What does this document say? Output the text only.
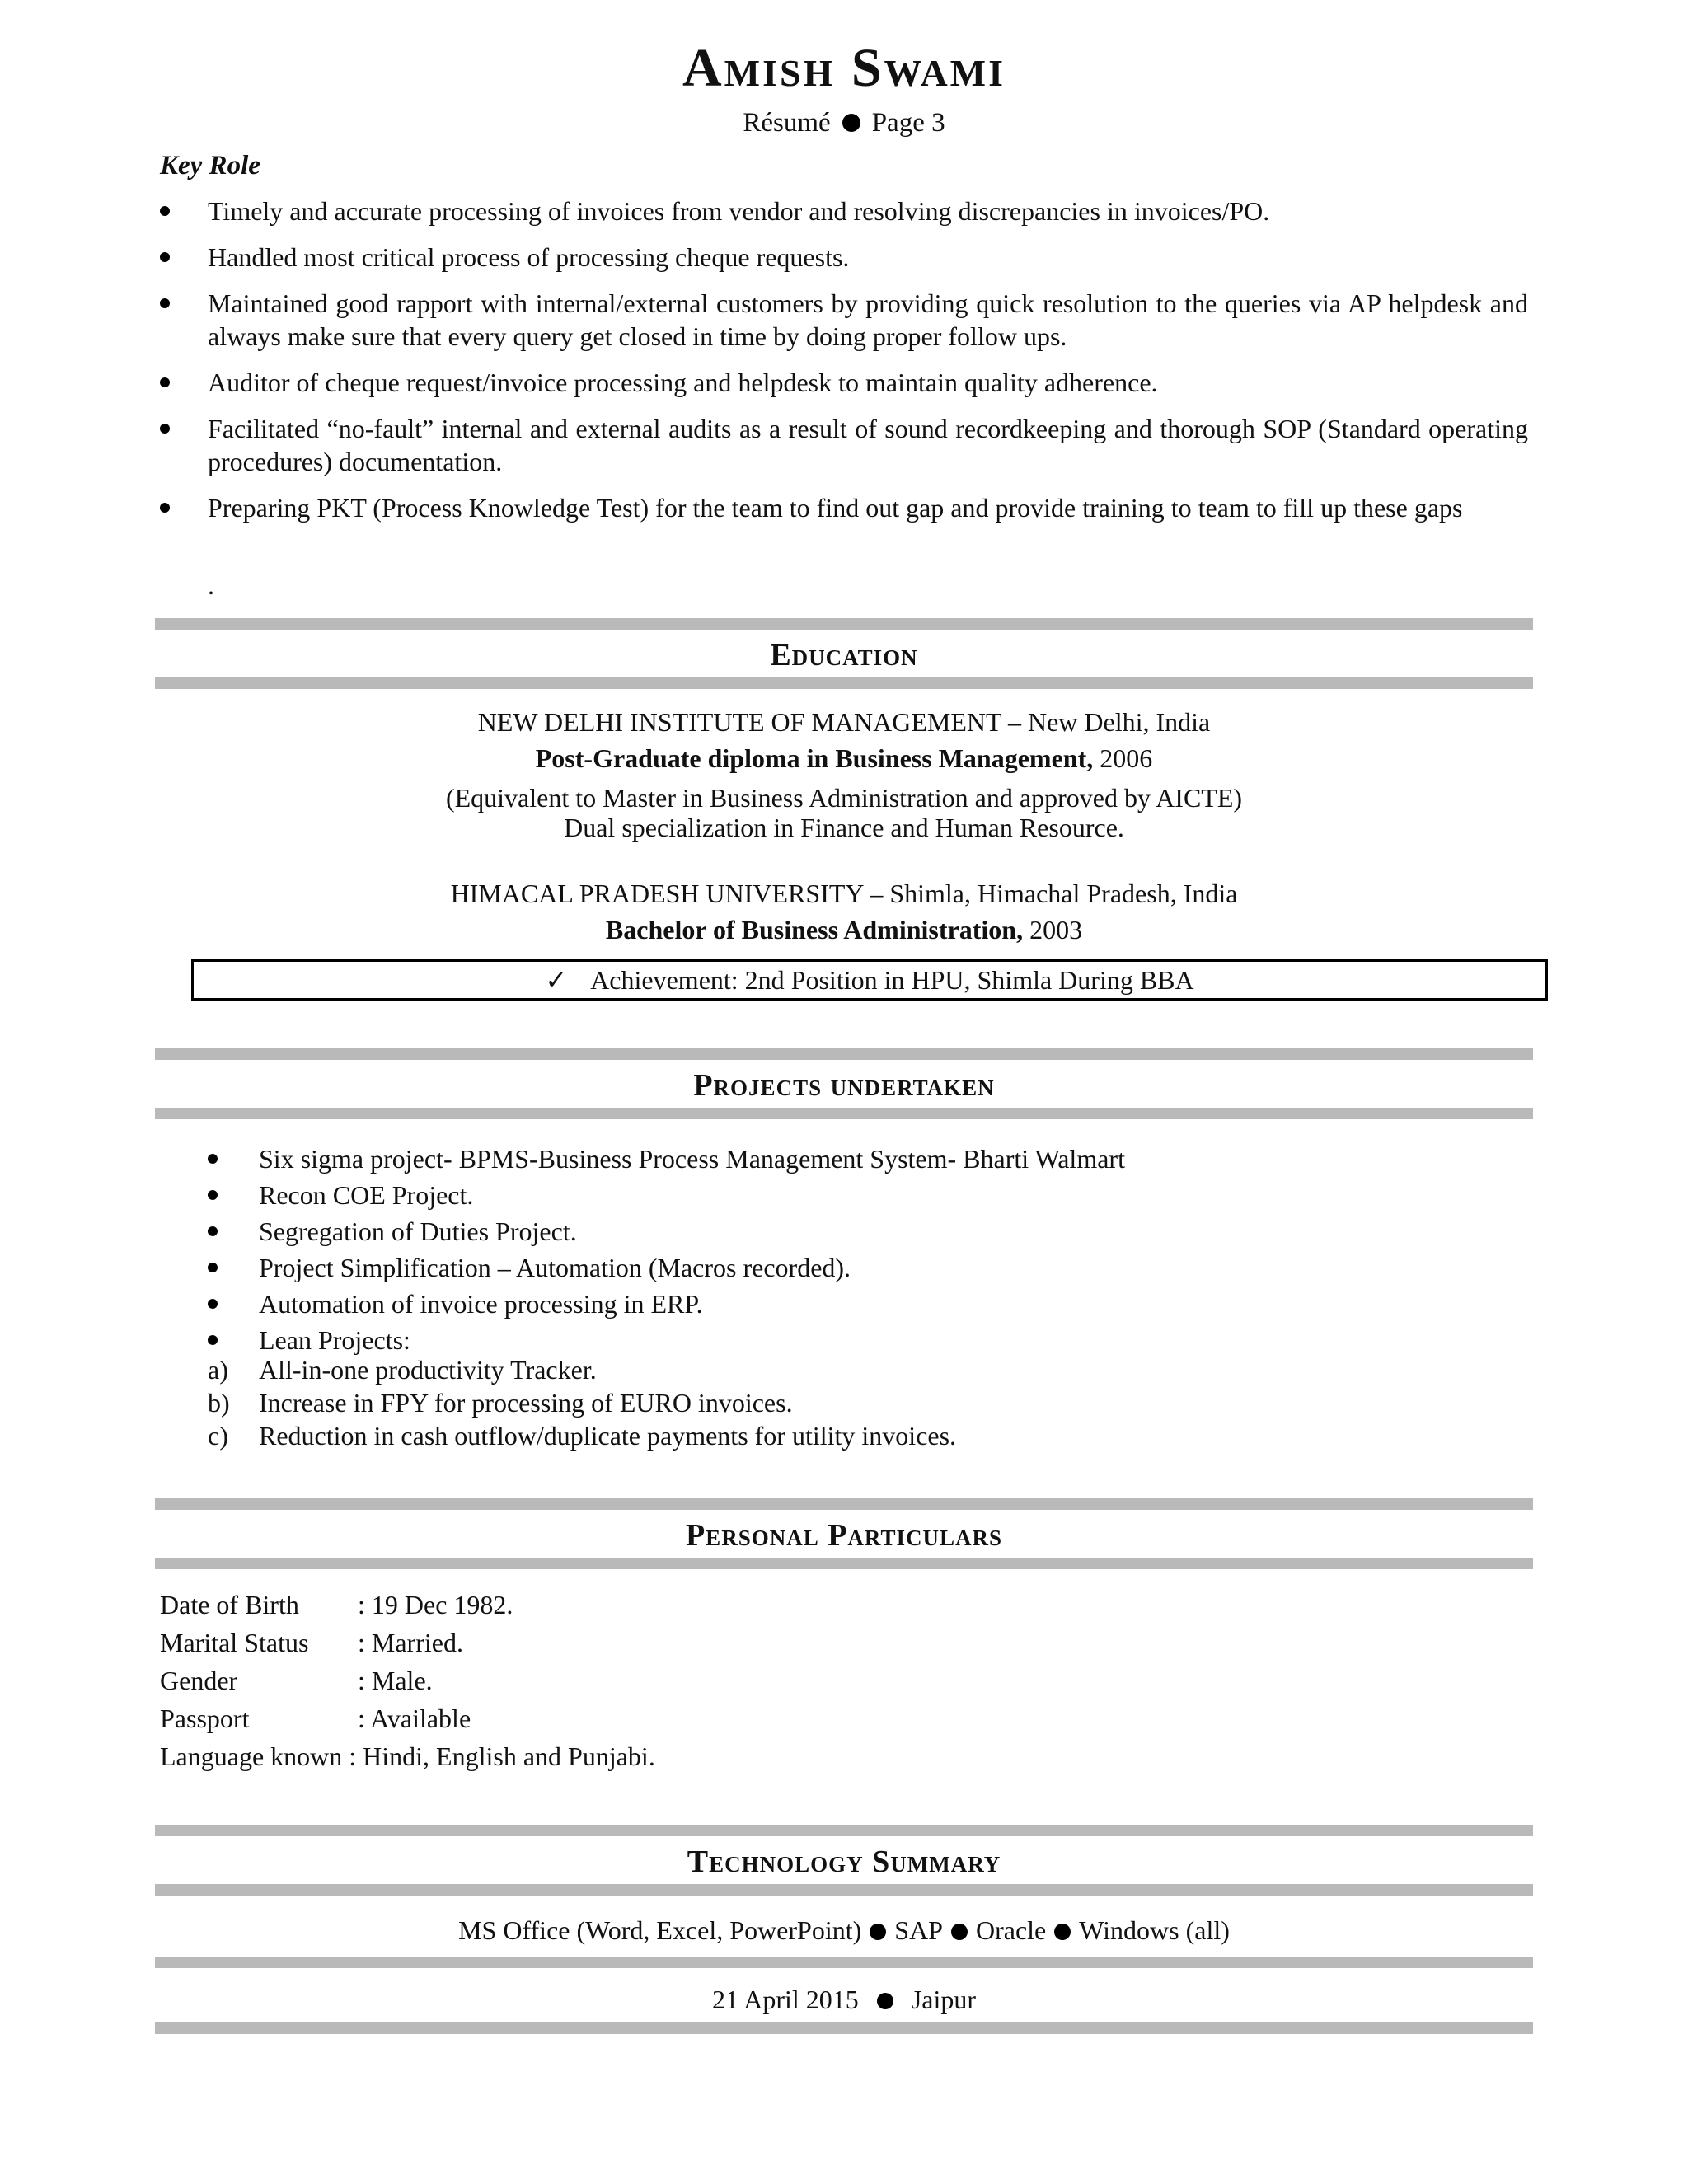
Amish Swami
Résumé Page 3
Key Role
Timely and accurate processing of invoices from vendor and resolving discrepancies in invoices/PO.
Handled most critical process of processing cheque requests.
Maintained good rapport with internal/external customers by providing quick resolution to the queries via AP helpdesk and always make sure that every query get closed in time by doing proper follow ups.
Auditor of cheque request/invoice processing and helpdesk to maintain quality adherence.
Facilitated “no-fault” internal and external audits as a result of sound recordkeeping and thorough SOP (Standard operating procedures) documentation.
Preparing PKT (Process Knowledge Test) for the team to find out gap and provide training to team to fill up these gaps
.
Education
NEW DELHI INSTITUTE OF MANAGEMENT – New Delhi, India
Post-Graduate diploma in Business Management, 2006
(Equivalent to Master in Business Administration and approved by AICTE)
Dual specialization in Finance and Human Resource.
HIMACAL PRADESH UNIVERSITY – Shimla, Himachal Pradesh, India
Bachelor of Business Administration, 2003
✓ Achievement: 2nd Position in HPU, Shimla During BBA
Projects undertaken
Six sigma project- BPMS-Business Process Management System- Bharti Walmart
Recon COE Project.
Segregation of Duties Project.
Project Simplification – Automation (Macros recorded).
Automation of invoice processing in ERP.
Lean Projects:
a) All-in-one productivity Tracker.
b) Increase in FPY for processing of EURO invoices.
c) Reduction in cash outflow/duplicate payments for utility invoices.
Personal Particulars
Date of Birth	: 19 Dec 1982.
Marital Status	: Married.
Gender	: Male.
Passport	: Available
Language known : Hindi, English and Punjabi.
Technology Summary
MS Office (Word, Excel, PowerPoint) SAP Oracle Windows (all)
21 April 2015 Jaipur
